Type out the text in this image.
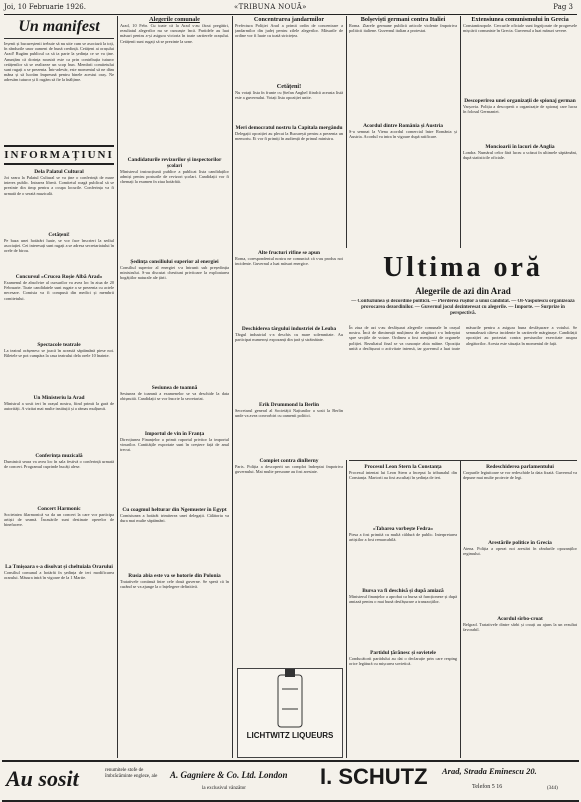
Joi, 10 Februarie 1926.	«TRIBUNA NOUĂ»	Pag 3
Un manifest
Ieșenii și bucureștenii trebuie să nu uite cum se asociază la toți, în rândurile unor oameni de bună credință. Cetățeni ai orașului Arad! Rugăm publicul ca să ia parte la ședința ce se va ține. Anunțăm că dorința noastră este ca prin contribuția tuturor cetățenilor să se realizeze un scop bun. Membrii comitetului sunt rugați a se prezenta. Într-adevăr, este momentul să ne dăm mâna și să lucrăm împreună pentru binele acestui oraș. Ne adresăm tuturor și îi rugăm să fie la înălțime.
INFORMAȚIUNI
Dela Palatul Cultural
Joi seara la Palatul Cultural se va ține o conferință de mare interes public. Intrarea liberă. Comitetul roagă publicul să se prezinte din timp pentru a ocupa locurile. Conferința va fi urmată de o serată muzicală.
Cetățeni!
Pe baza unei hotărâri luate, se vor face înscrieri la sediul asociației. Cei interesați sunt rugați a se adresa secretariatului în orele de birou.
Concursul «Crucea Roșie Albă Arad»
Examenul de absolvire al cursurilor va avea loc în ziua de 20 Februarie. Toate candidatele sunt rugate a se prezenta cu actele necesare. Comisia va fi compusă din medici și membrii comitetului.
Spectacole teatrale
La teatrul orășenesc se joacă în această săptămână piese noi. Biletele se pot cumpăra la casa teatrului dela orele 10 înainte.
Un Ministeriu la Arad
Ministrul a sosit ieri în orașul nostru, fiind primit la gară de autorități. A vizitat mai multe instituții și a rămas mulțumit.
Conferința muzicală
Duminică seara va avea loc în sala festivă o conferință urmată de concert. Programul cuprinde bucăți alese.
Concert Harmonic
Societatea filarmonică va da un concert la care vor participa artiști de seamă. Încasările sunt destinate operelor de binefacere.
La Tmișoara s-a disolvat și cheltuiala Orarului
Consiliul comunal a hotărât în ședința de ieri modificarea orarului. Măsura intră în vigoare de la 1 Martie.
Alegerile comunale
Arad, 10 Febr. Cu toate că la Arad s-au făcut pregătiri, rezultatul alegerilor nu se cunoaște încă. Partidele au luat măsuri pentru a-și asigura victoria în toate cartierele orașului. Cetățenii sunt rugați să se prezinte la urne.
Candidaturile revizorilor și inspectorilor școlari
Ministerul instrucțiunii publice a publicat lista candidaților admiși pentru posturile de revizori școlari. Candidații vor fi chemați la examen în ziua hotărâtă.
Ședința consiliului superior al energiei
Consiliul superior al energiei s-a întrunit sub președinția ministrului. S-au discutat chestiuni privitoare la exploatarea bogățiilor naturale ale țării.
Sesiunea de toamnă
Sesiunea de toamnă a examenelor se va deschide la data obișnuită. Candidații se vor înscrie la secretariat.
Importul de vin în Franța
Direcțiunea Finanțelor a primit raportul privitor la importul vinurilor. Cantitățile exportate sunt în creștere față de anul trecut.
Cu coagmul helturar din Ngemuster în Egypt
Comisiunea a hotărât trimiterea unei delegații. Călătoria va dura mai multe săptămâni.
Rusia abia este va se hotorie din Polonia
Tratativele continuă între cele două guverne. Se speră că în curând se va ajunge la o înțelegere definitivă.
Concentrarea jandarmilor
Prefectura Poliției Arad a primit ordin de concentrare a jandarmilor din județ pentru zilele alegerilor. Măsurile de ordine vor fi luate cu toată strictețea.
Cetățeni!
Nu votați lista în frunte cu Ștefan Anghel fiindcă aceasta listă este a guvernului. Votați lista opoziției unite.
Meri democratul nostru la Capitala mergându
Delegații opoziției au plecat la București pentru a prezenta un memoriu. Ei vor fi primiți în audiență de primul ministru.
Bolșeviști germani contra Italiei
Roma. Ziarele germane publică articole violente împotriva politicii italiene. Guvernul italian a protestat.
Acordul dintre România și Austria
S-a semnat la Viena acordul comercial între România și Austria. Acordul va intra în vigoare după ratificare.
Extensiunea comunismului în Grecia
Constantinopole. Cercurile oficiale sunt îngrijorate de progresele mișcării comuniste în Grecia. Guvernul a luat măsuri severe.
Descoperirea unei organizații de spionaj german
Varșovia. Poliția a descoperit o organizație de spionaj care lucra în folosul Germaniei.
Moncioarii în lacuri de Anglia
Londra. Numărul celor fără lucru a scăzut în ultimele săptămâni, după statisticile oficiale.
Ultima oră
Alegerile de azi din Arad
— Confuziunea și dezordine politicii. — Pierderea rușilor a unui candidat. — Ol-Vaspolescu organizează provocarea dezordinilor. — Guvernul jocul dezinteresat cu alegerile. — Importe. — Surprize în perspectivă.
În ziua de azi s-au desfășurat alegerile comunale în orașul nostru. Încă de dimineață mulțimea de alegători s-a îndreptat spre secțiile de votare. Ordinea a fost menținută de organele poliției. Rezultatul final se va cunoaște abia mâine. Opoziția unită a desfășurat o activitate intensă, iar guvernul a luat toate măsurile pentru a asigura buna desfășurare a votului. Se semnalează câteva incidente în cartierele mărginașe. Candidații opoziției au protestat contra presiunilor exercitate asupra alegătorilor. Acesta este situația în momentul de față.
Alte fructuri rifine se apun
Roma, corespondentul nostru ne comunică că s-au produs noi incidente. Guvernul a luat măsuri energice.
Deschiderea târgului industriei de Leuba
Târgul industrial s-a deschis cu mare solemnitate. Au participat numeroși expozanți din țară și străinătate.
Erik Drummond la Berlin
Secretarul general al Societății Națiunilor a sosit la Berlin unde va avea convorbiri cu oamenii politici.
Compiet contra dinBerny
Paris. Poliția a descoperit un complot îndreptat împotriva guvernului. Mai multe persoane au fost arestate.
LICHTWITZ LIQUEURS
Procesul Leon Stern la Constanța
Procesul intentat lui Leon Stern a început la tribunalul din Constanța. Martorii au fost ascultați în ședința de ieri.
«Tabarea vorbeşte Fedra»
Piesa a fost primită cu multă căldură de public. Interpretarea artiștilor a fost remarcabilă.
Bursa va fi deschisă și după amiază
Ministerul finanțelor a aprobat ca bursa să funcționeze și după amiază pentru o mai bună desfășurare a tranzacțiilor.
Partidul țărănesc și sovietele
Conducătorii partidului au dat o declarație prin care resping orice legătură cu mișcarea sovietică.
Redeschiderea parlamentului
Corpurile legiuitoare se vor redeschide la data fixată. Guvernul va depune mai multe proiecte de legi.
Arestările politice în Grecia
Atena. Poliția a operat noi arestări în rândurile opozanților regimului.
Acordul sîrbo-croat
Belgrad. Tratativele dintre sârbi și croați au ajuns la un rezultat favorabil.
Au sosit	renumitele stofe de îmbrăcăminte engleze, ale	A. Gagniere & Co. Ltd. London
la exclusivul vânzător	I. SCHUTZ Arad, Strada Eminescu 20.
Telefon 5 16	(344)
